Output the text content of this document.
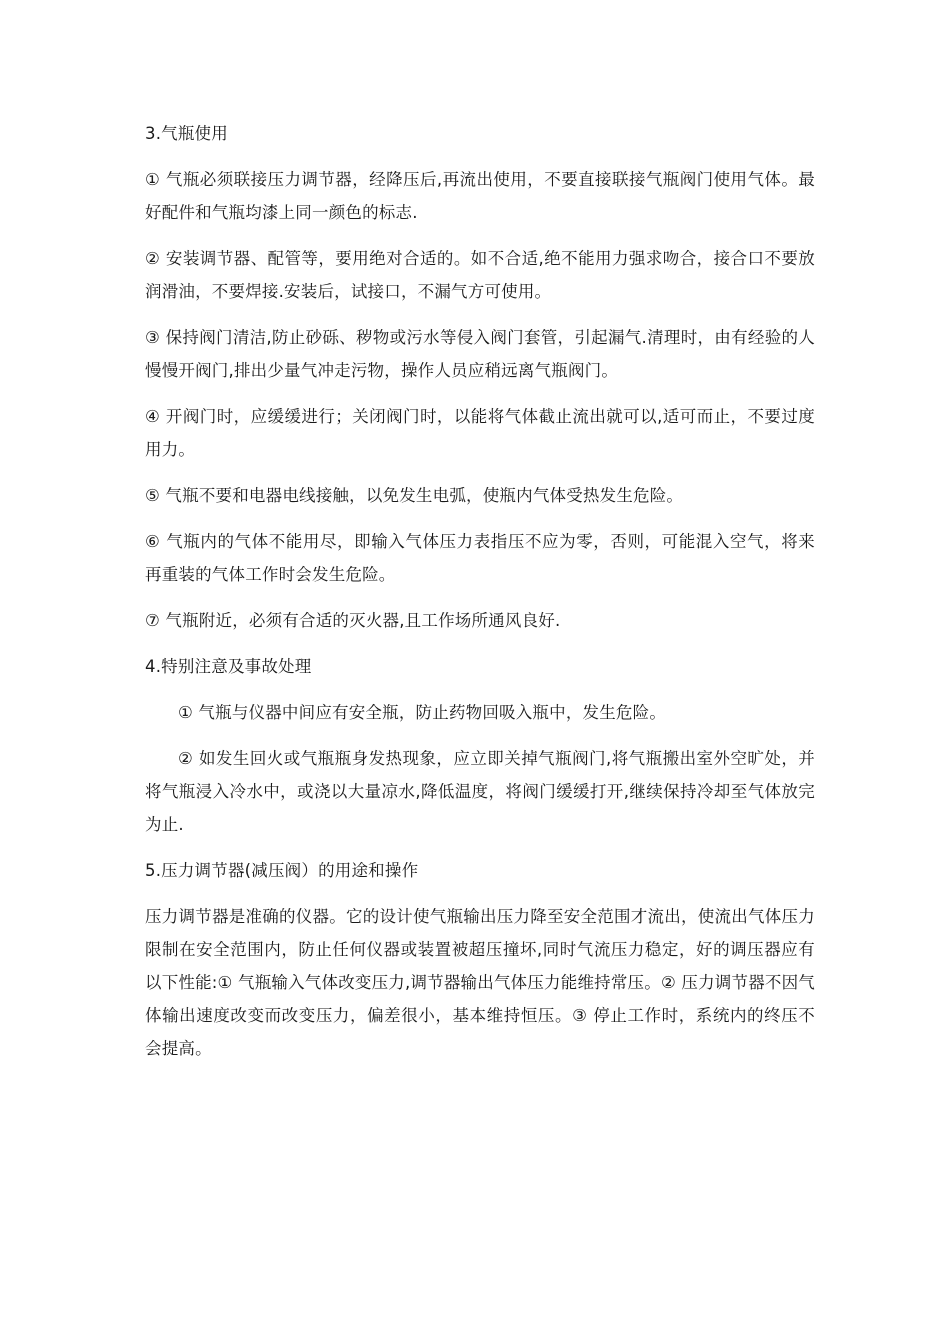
3.气瓶使用

① 气瓶必须联接压力调节器，经降压后,再流出使用，不要直接联接气瓶阀门使用气体。最好配件和气瓶均漆上同一颜色的标志.

② 安装调节器、配管等，要用绝对合适的。如不合适,绝不能用力强求吻合，接合口不要放润滑油，不要焊接.安装后，试接口，不漏气方可使用。

③ 保持阀门清洁,防止砂砾、秽物或污水等侵入阀门套管，引起漏气.清理时，由有经验的人慢慢开阀门,排出少量气冲走污物，操作人员应稍远离气瓶阀门。

④ 开阀门时，应缓缓进行；关闭阀门时，以能将气体截止流出就可以,适可而止，不要过度用力。

⑤ 气瓶不要和电器电线接触，以免发生电弧，使瓶内气体受热发生危险。

⑥ 气瓶内的气体不能用尽，即输入气体压力表指压不应为零，否则，可能混入空气，将来再重装的气体工作时会发生危险。

⑦ 气瓶附近，必须有合适的灭火器,且工作场所通风良好.

4.特别注意及事故处理

① 气瓶与仪器中间应有安全瓶，防止药物回吸入瓶中，发生危险。

② 如发生回火或气瓶瓶身发热现象，应立即关掉气瓶阀门,将气瓶搬出室外空旷处，并将气瓶浸入冷水中，或浇以大量凉水,降低温度，将阀门缓缓打开,继续保持冷却至气体放完为止.

5.压力调节器(减压阀）的用途和操作

压力调节器是准确的仪器。它的设计使气瓶输出压力降至安全范围才流出，使流出气体压力限制在安全范围内，防止任何仪器或装置被超压撞坏,同时气流压力稳定，好的调压器应有以下性能:① 气瓶输入气体改变压力,调节器输出气体压力能维持常压。② 压力调节器不因气体输出速度改变而改变压力，偏差很小，基本维持恒压。③ 停止工作时，系统内的终压不会提高。
